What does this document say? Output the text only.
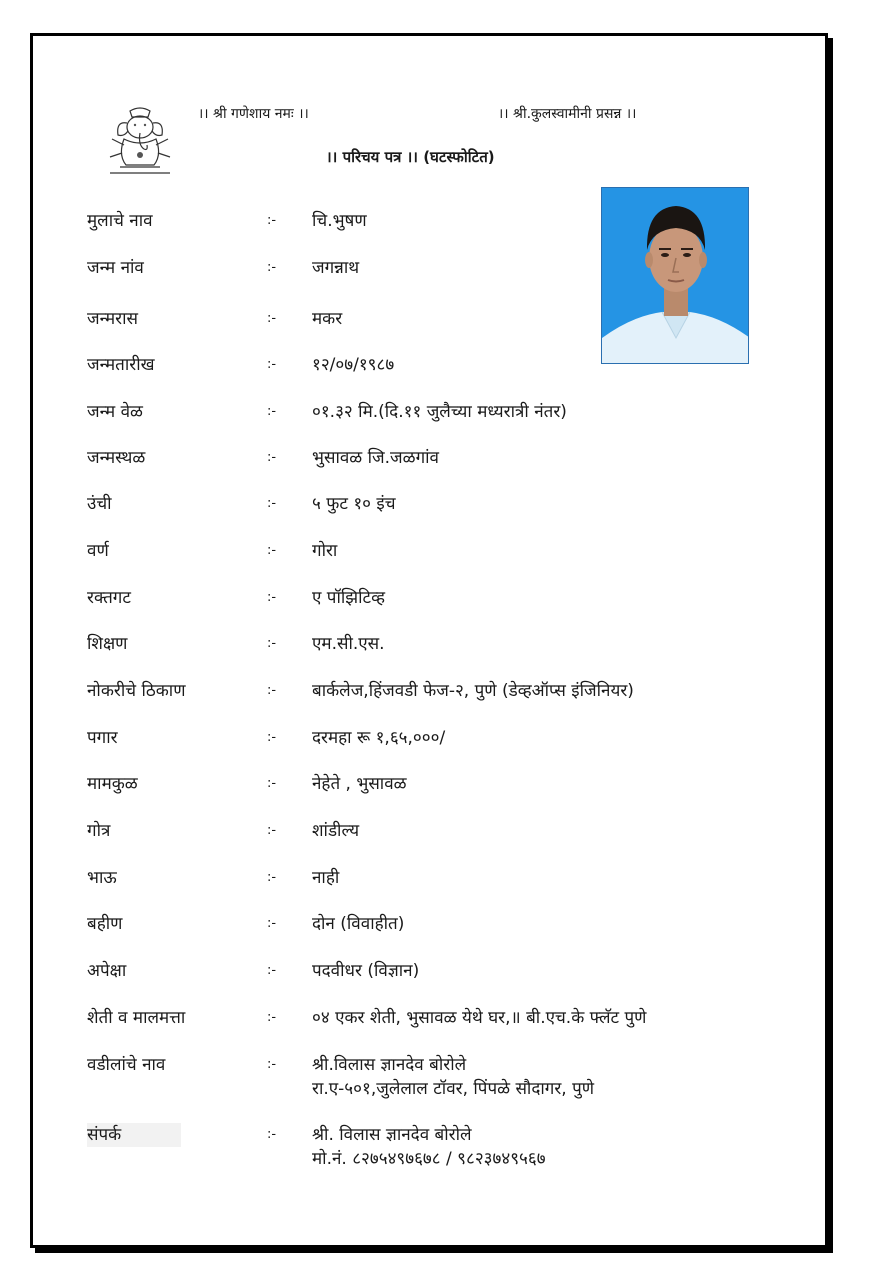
।। श्री गणेशाय नमः ।।	।। श्री.कुलस्वामीनी प्रसन्न ।।
।। परिचय पत्र ।। (घटस्फोटित)
मुलाचे नाव	:- चि.भुषण
जन्म नांव	:- जगन्नाथ
जन्मरास	:- मकर
जन्मतारीख	:- १२/०७/१९८७
जन्म वेळ	:- ०१.३२ मि.(दि.११ जुलैच्या मध्यरात्री नंतर)
जन्मस्थळ	:- भुसावळ जि.जळगांव
उंची	:- ५ फुट १० इंच
वर्ण	:- गोरा
रक्तगट	:- ए पॉझिटिव्ह
शिक्षण	:- एम.सी.एस.
नोकरीचे ठिकाण	:- बार्कलेज,हिंजवडी फेज-२, पुणे (डेव्हऑप्स इंजिनियर)
पगार	:- दरमहा रू १,६५,०००/
मामकुळ	:- नेहेते , भुसावळ
गोत्र	:- शांडील्य
भाऊ	:- नाही
बहीण	:- दोन (विवाहीत)
अपेक्षा	:- पदवीधर (विज्ञान)
शेती व मालमत्ता	:- ०४ एकर शेती, भुसावळ येथे घर,॥ बी.एच.के फ्लॅट पुणे
वडीलांचे नाव	:- श्री.विलास ज्ञानदेव बोरोले
रा.ए-५०१,जुलेलाल टॉवर, पिंपळे सौदागर, पुणे
संपर्क	:- श्री. विलास ज्ञानदेव बोरोले
मो.नं. ८२७५४९७६७८ / ९८२३७४९५६७
